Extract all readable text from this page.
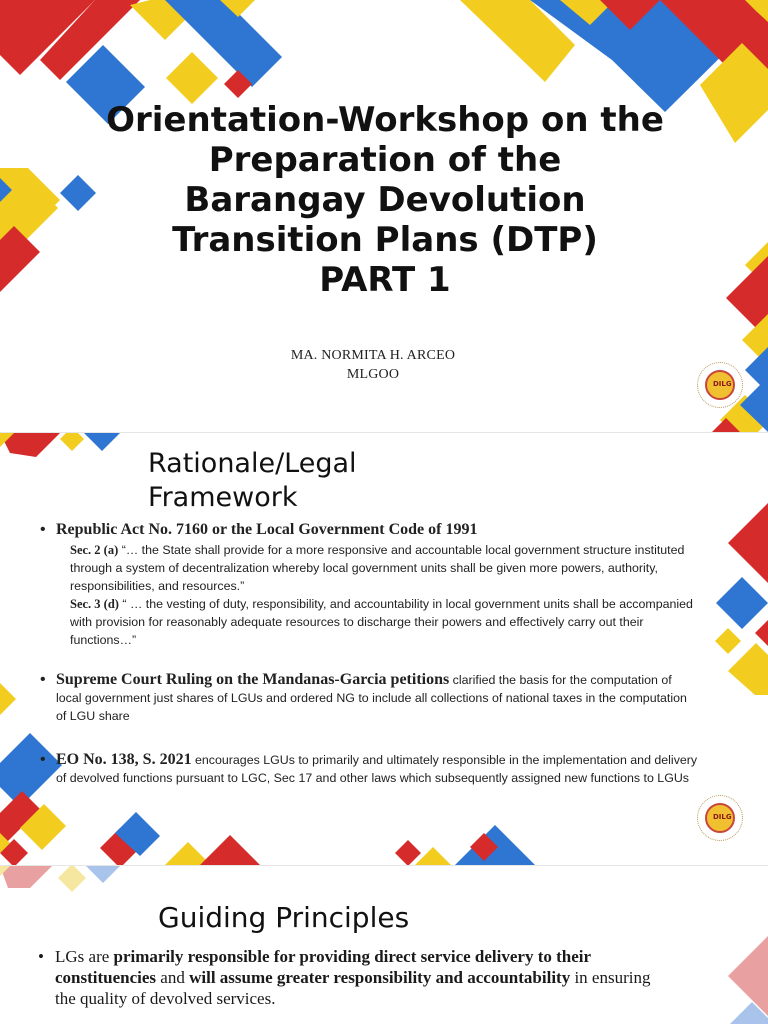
Orientation-Workshop on the
Preparation of the
Barangay Devolution
Transition Plans (DTP)
PART 1
MA. NORMITA H. ARCEO
MLGOO
DILG
Rationale/Legal
Framework
• Republic Act No. 7160 or the Local Government Code of 1991
Sec. 2 (a) “… the State shall provide for a more responsive and accountable local government structure instituted through a system of decentralization whereby local government units shall be given more powers, authority, responsibilities, and resources.”
Sec. 3 (d) “ … the vesting of duty, responsibility, and accountability in local government units shall be accompanied with provision for reasonably adequate resources to discharge their powers and effectively carry out their functions…”
• Supreme Court Ruling on the Mandanas-Garcia petitions clarified the basis for the computation of local government just shares of LGUs and ordered NG to include all collections of national taxes in the computation of LGU share
• EO No. 138, S. 2021 encourages LGUs to primarily and ultimately responsible in the implementation and delivery of devolved functions pursuant to LGC, Sec 17 and other laws which subsequently assigned new functions to LGUs
DILG
Guiding Principles
• LGs are primarily responsible for providing direct service delivery to their constituencies and will assume greater responsibility and accountability in ensuring the quality of devolved services.
